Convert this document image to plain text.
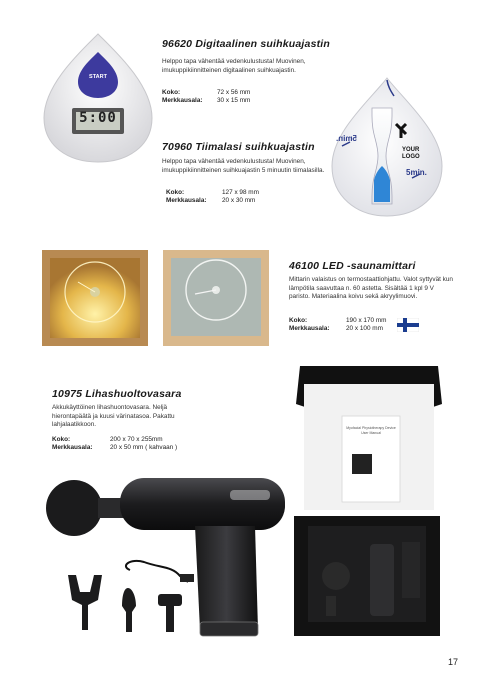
START
5:00
96620 Digitaalinen suihkuajastin
Helppo tapa vähentää vedenkulustusta! Muovinen, imukuppikiinnitteinen digitaalinen suihkuajastin.
Koko:	72 x 56 mm
Merkkausala: 30 x 15 mm
YOUR
LOGO
5min.
5min.
70960 Tiimalasi suihkuajastin
Helppo tapa vähentää vedenkulustusta! Muovinen, imukuppikiinnitteinen suihkuajastin 5 minuutin tiimalasilla.
Koko:	127 x 98 mm
Merkkausala: 20 x 30 mm
46100 LED -saunamittari
Mittarin valaistus on termostaattiohjattu. Valot syttyvät kun lämpötila saavuttaa n. 60 astetta. Sisältää 1 kpl 9 V paristo. Materiaalina koivu sekä akryylimuovi.
Koko:	190 x 170 mm
Merkkausala:	20 x 100 mm
10975 Lihashuoltovasara
Akkukäyttöinen lihashuontovasara. Neljä hierontapäätä ja kuusi värinatasoa. Pakattu lahjalaatikkoon.
Koko:	200 x 70 x 255mm
Merkkausala:	20 x 50 mm ( kahvaan )
Myofacial Physiotherapy Device
User Manual
17
